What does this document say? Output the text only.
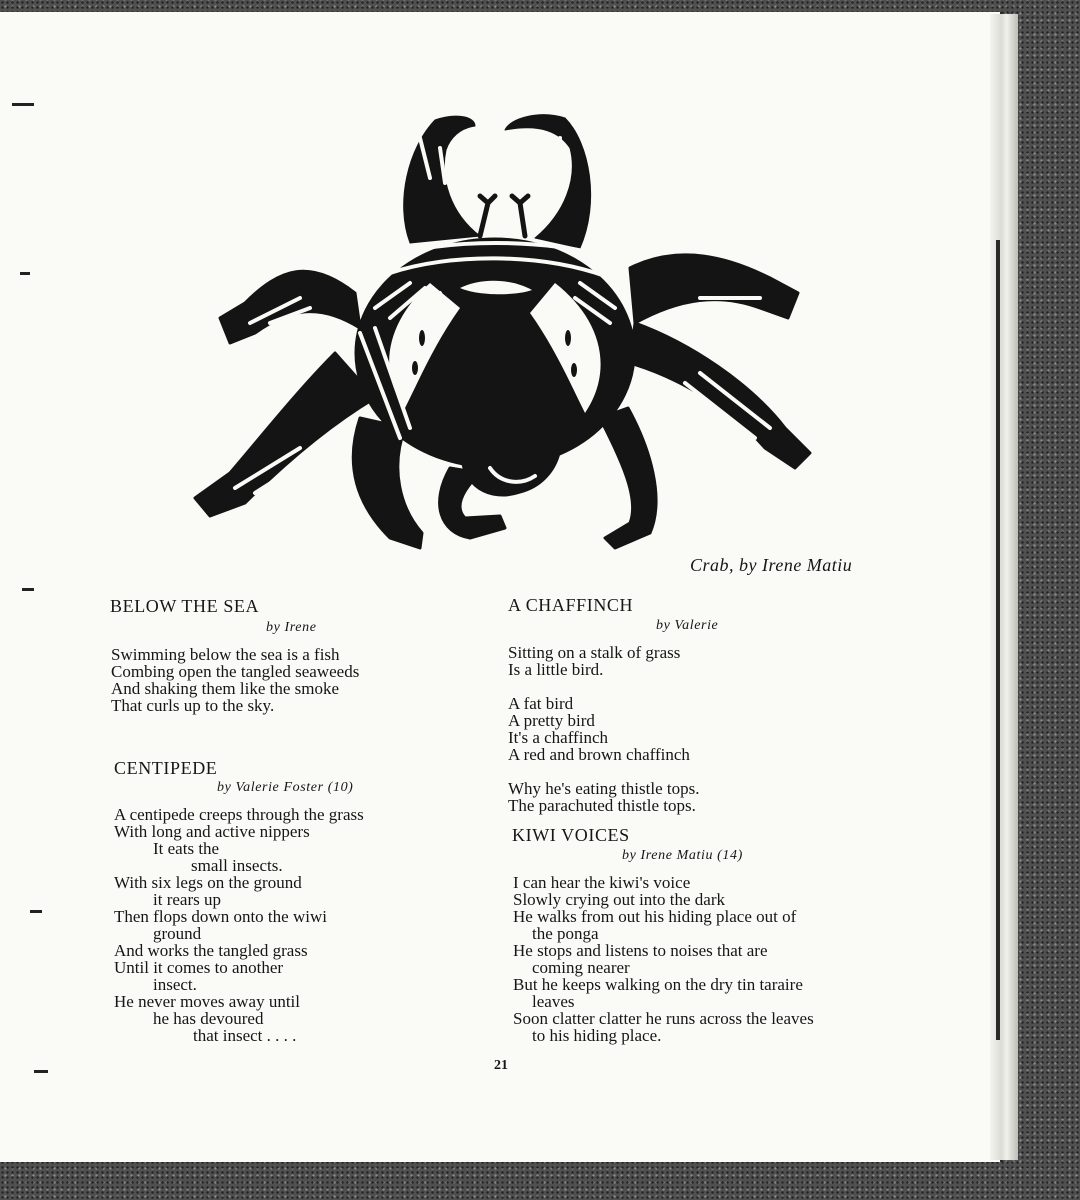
Crab, by Irene Matiu
BELOW THE SEA
by Irene
Swimming below the sea is a fish
Combing open the tangled seaweeds
And shaking them like the smoke
That curls up to the sky.
CENTIPEDE
by Valerie Foster (10)
A centipede creeps through the grass
With long and active nippers
It eats the
small insects.
With six legs on the ground
it rears up
Then flops down onto the wiwi
ground
And works the tangled grass
Until it comes to another
insect.
He never moves away until
he has devoured
that insect . . . .
A CHAFFINCH
by Valerie
Sitting on a stalk of grass
Is a little bird.
A fat bird
A pretty bird
It's a chaffinch
A red and brown chaffinch
Why he's eating thistle tops.
The parachuted thistle tops.
KIWI VOICES
by Irene Matiu (14)
I can hear the kiwi's voice
Slowly crying out into the dark
He walks from out his hiding place out of
the ponga
He stops and listens to noises that are
coming nearer
But he keeps walking on the dry tin taraire
leaves
Soon clatter clatter he runs across the leaves
to his hiding place.
21
